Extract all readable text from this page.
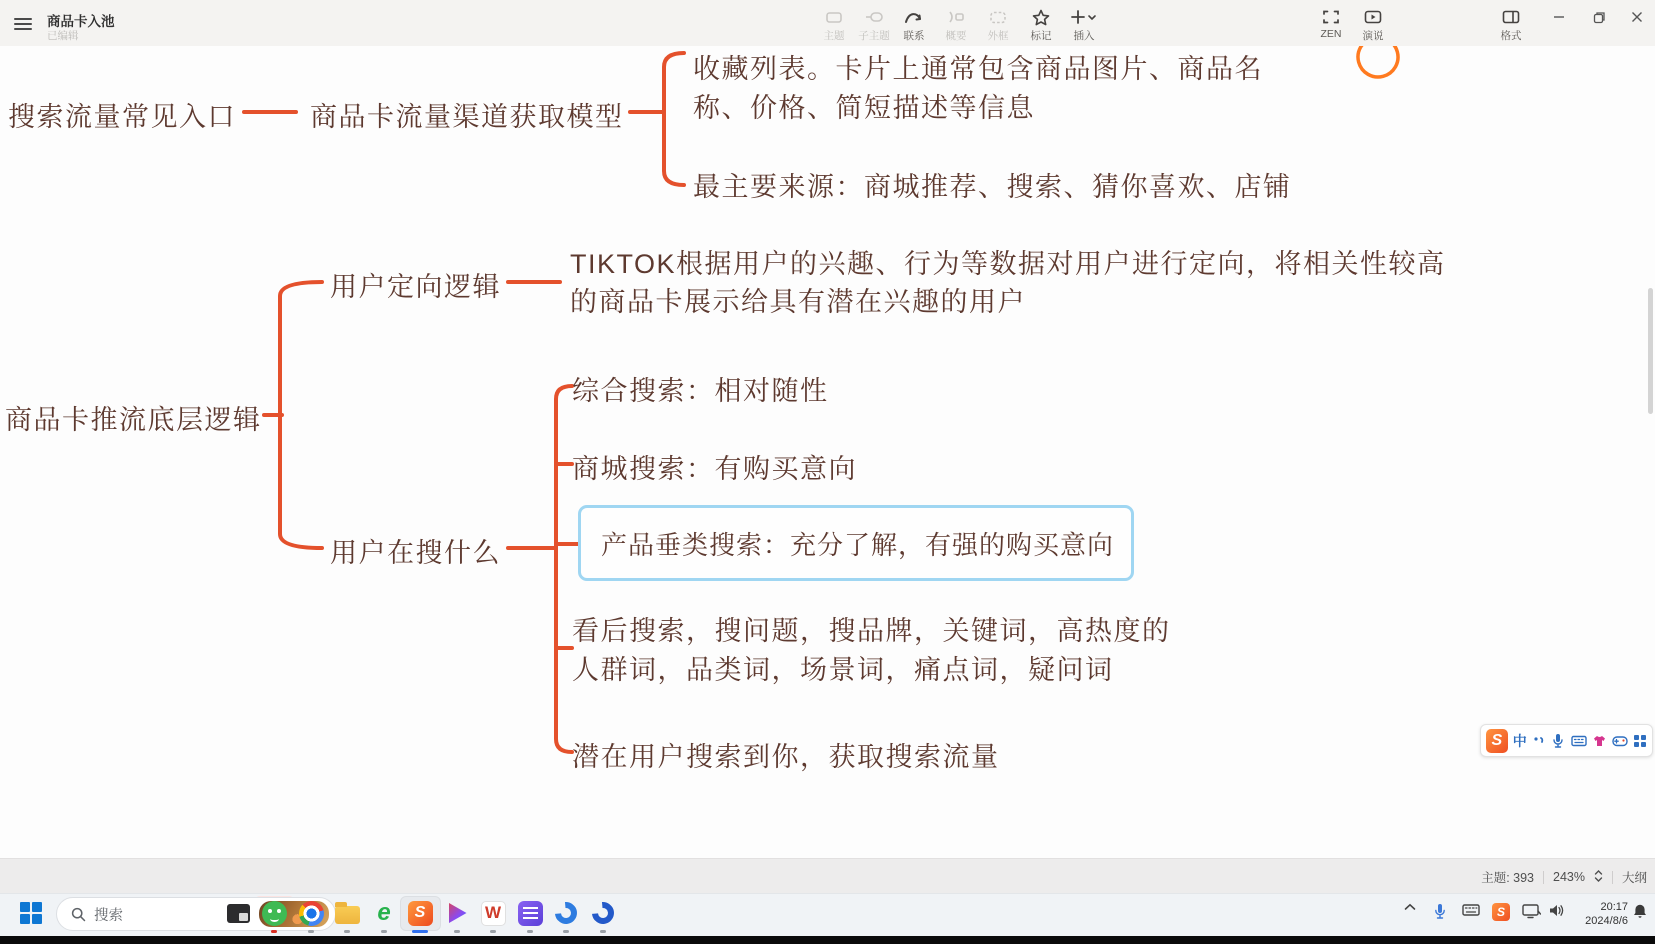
搜索流量常见入口	商品卡流量渠道获取模型
收藏列表。卡片上通常包含商品图片、商品名称、价格、简短描述等信息
最主要来源：商城推荐、搜索、猜你喜欢、店铺
商品卡推流底层逻辑
用户定向逻辑
TIKTOK根据用户的兴趣、行为等数据对用户进行定向，将相关性较高的商品卡展示给具有潜在兴趣的用户
用户在搜什么
综合搜索：相对随性
商城搜索：有购买意向
产品垂类搜索：充分了解，有强的购买意向
看后搜索，搜问题，搜品牌，关键词，高热度的人群词，品类词，场景词，痛点词，疑问词
潜在用户搜索到你，获取搜索流量
商品卡入池
已编辑	主题	子主题	联系	概要	外框	标记	插入	ZEN	演说	格式
S 中
主题: 393 243%	大纲
搜索	e	S	W	S	20:17
2024/8/6
